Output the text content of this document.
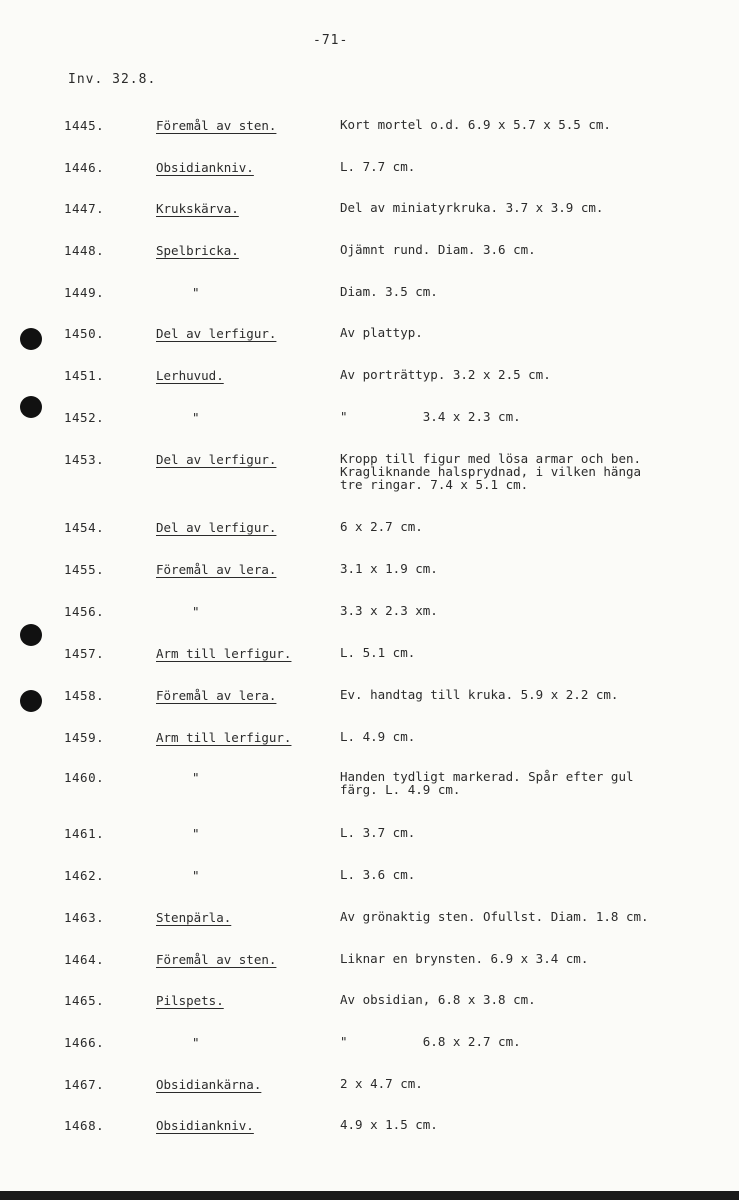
-71-
Inv. 32.8.
1445.	Föremål av sten.	Kort mortel o.d. 6.9 x 5.7 x 5.5 cm.
1446.	Obsidiankniv.	L. 7.7 cm.
1447.	Krukskärva.	Del av miniatyrkruka. 3.7 x 3.9 cm.
1448.	Spelbricka.	Ojämnt rund. Diam. 3.6 cm.
1449.	"	Diam. 3.5 cm.
1450.	Del av lerfigur.	Av plattyp.
1451.	Lerhuvud.	Av porträttyp. 3.2 x 2.5 cm.
1452.	"	"          3.4 x 2.3 cm.
1453.	Del av lerfigur.	Kropp till figur med lösa armar och ben.
Kragliknande halsprydnad, i vilken hänga
tre ringar. 7.4 x 5.1 cm.
1454.	Del av lerfigur.	6 x 2.7 cm.
1455.	Föremål av lera.	3.1 x 1.9 cm.
1456.	"	3.3 x 2.3 xm.
1457.	Arm till lerfigur.	L. 5.1 cm.
1458.	Föremål av lera.	Ev. handtag till kruka. 5.9 x 2.2 cm.
1459.	Arm till lerfigur.	L. 4.9 cm.
1460.	"	Handen tydligt markerad. Spår efter gul
färg. L. 4.9 cm.
1461.	"	L. 3.7 cm.
1462.	"	L. 3.6 cm.
1463.	Stenpärla.	Av grönaktig sten. Ofullst. Diam. 1.8 cm.
1464.	Föremål av sten.	Liknar en brynsten. 6.9 x 3.4 cm.
1465.	Pilspets.	Av obsidian, 6.8 x 3.8 cm.
1466.	"	"          6.8 x 2.7 cm.
1467.	Obsidiankärna.	2 x 4.7 cm.
1468.	Obsidiankniv.	4.9 x 1.5 cm.
